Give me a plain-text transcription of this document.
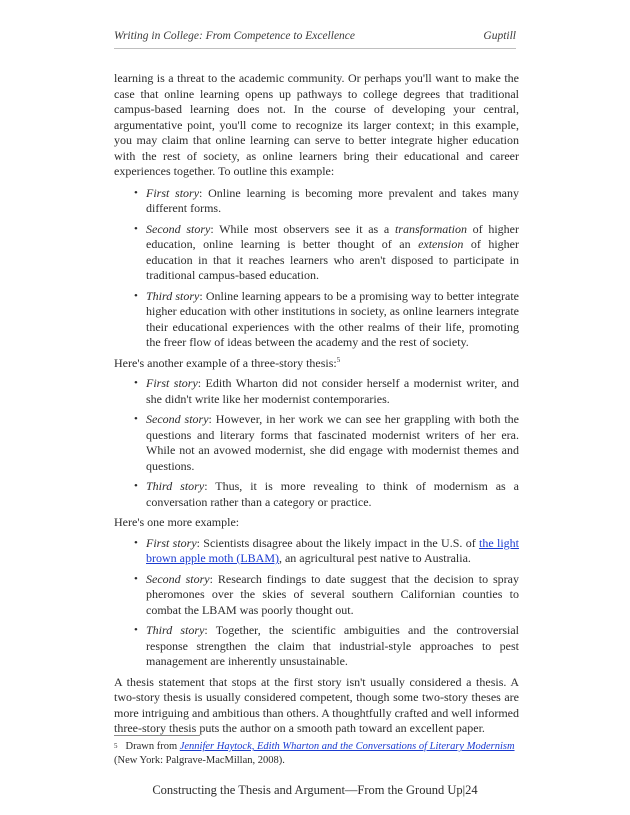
Writing in College: From Competence to Excellence	Guptill

learning is a threat to the academic community. Or perhaps you'll want to make the case that online learning opens up pathways to college degrees that traditional campus-based learning does not. In the course of developing your central, argumentative point, you'll come to recognize its larger context; in this example, you may claim that online learning can serve to better integrate higher education with the rest of society, as online learners bring their educational and career experiences together. To outline this example:

• First story: Online learning is becoming more prevalent and takes many different forms.
• Second story: While most observers see it as a transformation of higher education, online learning is better thought of an extension of higher education in that it reaches learners who aren't disposed to participate in traditional campus-based education.
• Third story: Online learning appears to be a promising way to better integrate higher education with other institutions in society, as online learners integrate their educational experiences with the other realms of their life, promoting the freer flow of ideas between the academy and the rest of society.

Here's another example of a three-story thesis:$^5$

• First story: Edith Wharton did not consider herself a modernist writer, and she didn't write like her modernist contemporaries.
• Second story: However, in her work we can see her grappling with both the questions and literary forms that fascinated modernist writers of her era. While not an avowed modernist, she did engage with modernist themes and questions.
• Third story: Thus, it is more revealing to think of modernism as a conversation rather than a category or practice.

Here's one more example:

• First story: Scientists disagree about the likely impact in the U.S. of the light brown apple moth (LBAM), an agricultural pest native to Australia.
• Second story: Research findings to date suggest that the decision to spray pheromones over the skies of several southern Californian counties to combat the LBAM was poorly thought out.
• Third story: Together, the scientific ambiguities and the controversial response strengthen the claim that industrial-style approaches to pest management are inherently unsustainable.

A thesis statement that stops at the first story isn't usually considered a thesis. A two-story thesis is usually considered competent, though some two-story theses are more intriguing and ambitious than others. A thoughtfully crafted and well informed three-story thesis puts the author on a smooth path toward an excellent paper.

$^5$ Drawn from Jennifer Haytock, Edith Wharton and the Conversations of Literary Modernism (New York: Palgrave-MacMillan, 2008).
Constructing the Thesis and Argument—From the Ground Up|24
